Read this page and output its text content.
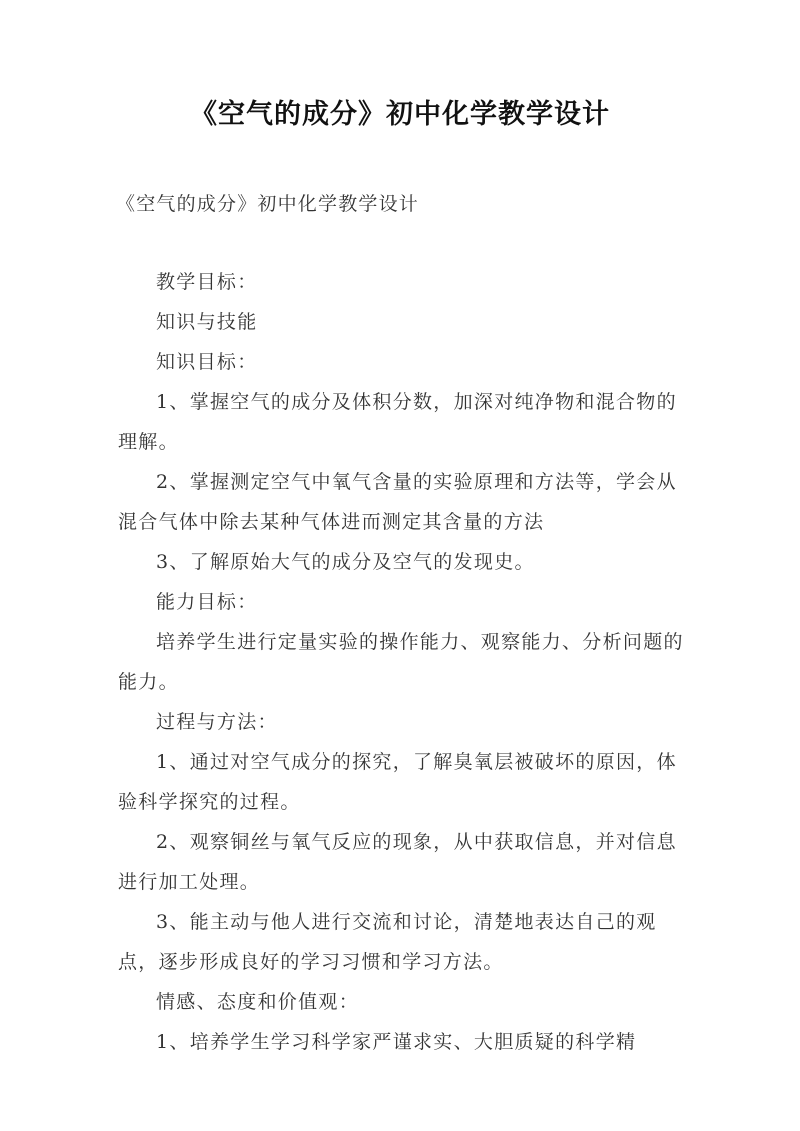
《空气的成分》初中化学教学设计
《空气的成分》初中化学教学设计

教学目标：

知识与技能

知识目标：

1、掌握空气的成分及体积分数，加深对纯净物和混合物的理解。

2、掌握测定空气中氧气含量的实验原理和方法等，学会从混合气体中除去某种气体进而测定其含量的方法

3、了解原始大气的成分及空气的发现史。

能力目标：

培养学生进行定量实验的操作能力、观察能力、分析问题的能力。

过程与方法：

1、通过对空气成分的探究，了解臭氧层被破坏的原因，体验科学探究的过程。

2、观察铜丝与氧气反应的现象，从中获取信息，并对信息进行加工处理。

3、能主动与他人进行交流和讨论，清楚地表达自己的观点，逐步形成良好的学习习惯和学习方法。

情感、态度和价值观：

1、培养学生学习科学家严谨求实、大胆质疑的科学精
